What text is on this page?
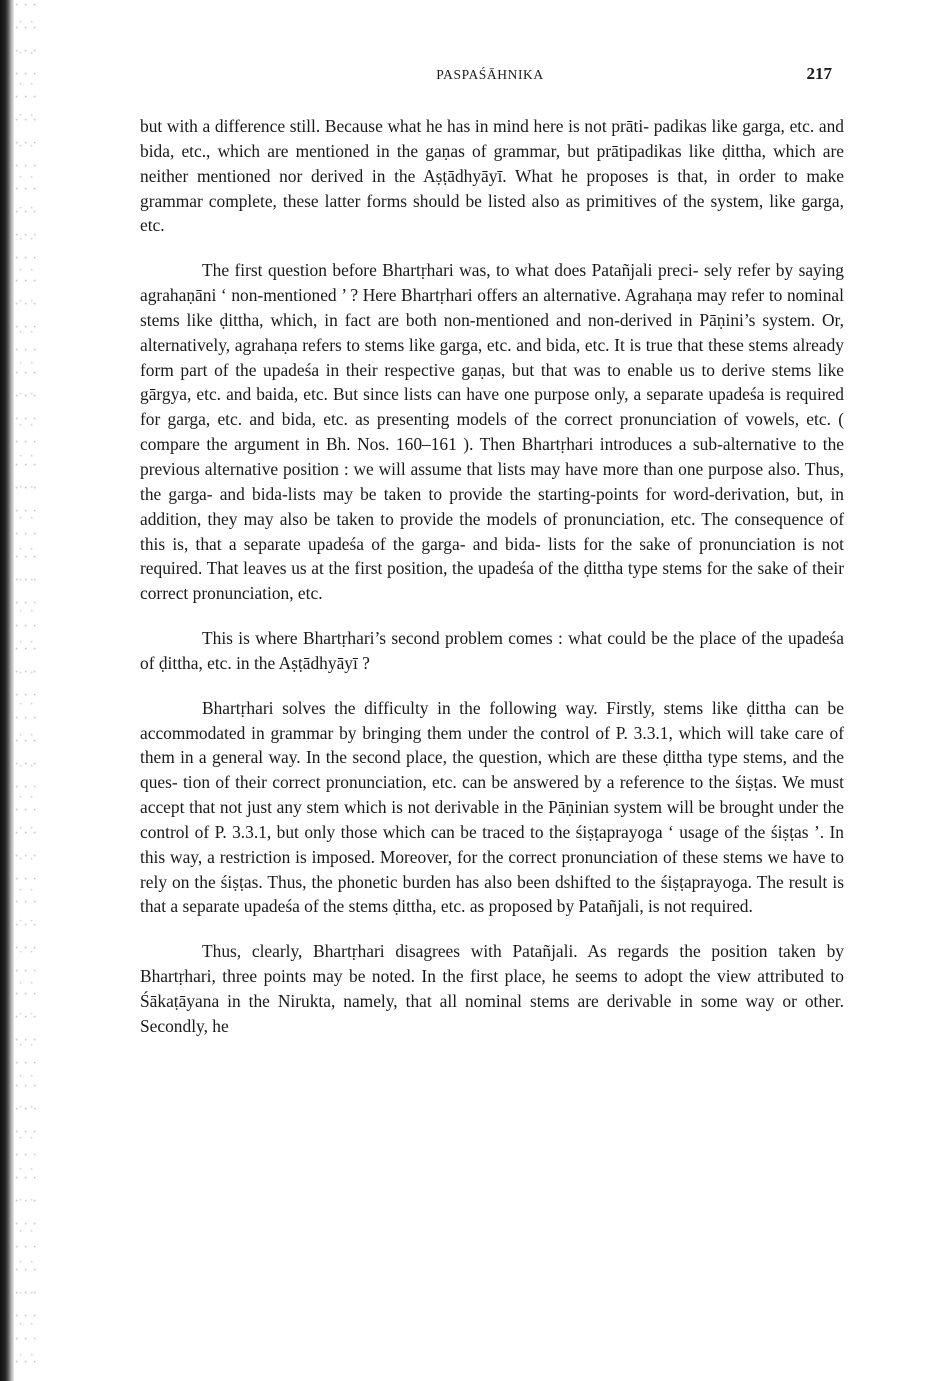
PASPAŚĀHNIKA	217
but with a difference still. Because what he has in mind here is not prāti- padikas like garga, etc. and bida, etc., which are mentioned in the gaṇas of grammar, but prātipadikas like ḍittha, which are neither mentioned nor derived in the Aṣṭādhyāyī. What he proposes is that, in order to make grammar complete, these latter forms should be listed also as primitives of the system, like garga, etc.
The first question before Bhartṛhari was, to what does Patañjali preci- sely refer by saying agrahaṇāni ‘ non-mentioned ’ ? Here Bhartṛhari offers an alternative. Agrahaṇa may refer to nominal stems like ḍittha, which, in fact are both non-mentioned and non-derived in Pāṇini’s system. Or, alternatively, agrahaṇa refers to stems like garga, etc. and bida, etc. It is true that these stems already form part of the upadeśa in their respective gaṇas, but that was to enable us to derive stems like gārgya, etc. and baida, etc. But since lists can have one purpose only, a separate upadeśa is required for garga, etc. and bida, etc. as presenting models of the correct pronunciation of vowels, etc. ( compare the argument in Bh. Nos. 160–161 ). Then Bhartṛhari introduces a sub-alternative to the previous alternative position : we will assume that lists may have more than one purpose also. Thus, the garga- and bida-lists may be taken to provide the starting-points for word-derivation, but, in addition, they may also be taken to provide the models of pronunciation, etc. The consequence of this is, that a separate upadeśa of the garga- and bida- lists for the sake of pronunciation is not required. That leaves us at the first position, the upadeśa of the ḍittha type stems for the sake of their correct pronunciation, etc.
This is where Bhartṛhari’s second problem comes : what could be the place of the upadeśa of ḍittha, etc. in the Aṣṭādhyāyī ?
Bhartṛhari solves the difficulty in the following way. Firstly, stems like ḍittha can be accommodated in grammar by bringing them under the control of P. 3.3.1, which will take care of them in a general way. In the second place, the question, which are these ḍittha type stems, and the ques- tion of their correct pronunciation, etc. can be answered by a reference to the śiṣṭas. We must accept that not just any stem which is not derivable in the Pāṇinian system will be brought under the control of P. 3.3.1, but only those which can be traced to the śiṣṭaprayoga ‘ usage of the śiṣṭas ’. In this way, a restriction is imposed. Moreover, for the correct pronunciation of these stems we have to rely on the śiṣṭas. Thus, the phonetic burden has also been dshifted to the śiṣṭaprayoga. The result is that a separate upadeśa of the stems ḍittha, etc. as proposed by Patañjali, is not required.
Thus, clearly, Bhartṛhari disagrees with Patañjali. As regards the position taken by Bhartṛhari, three points may be noted. In the first place, he seems to adopt the view attributed to Śākaṭāyana in the Nirukta, namely, that all nominal stems are derivable in some way or other. Secondly, he
